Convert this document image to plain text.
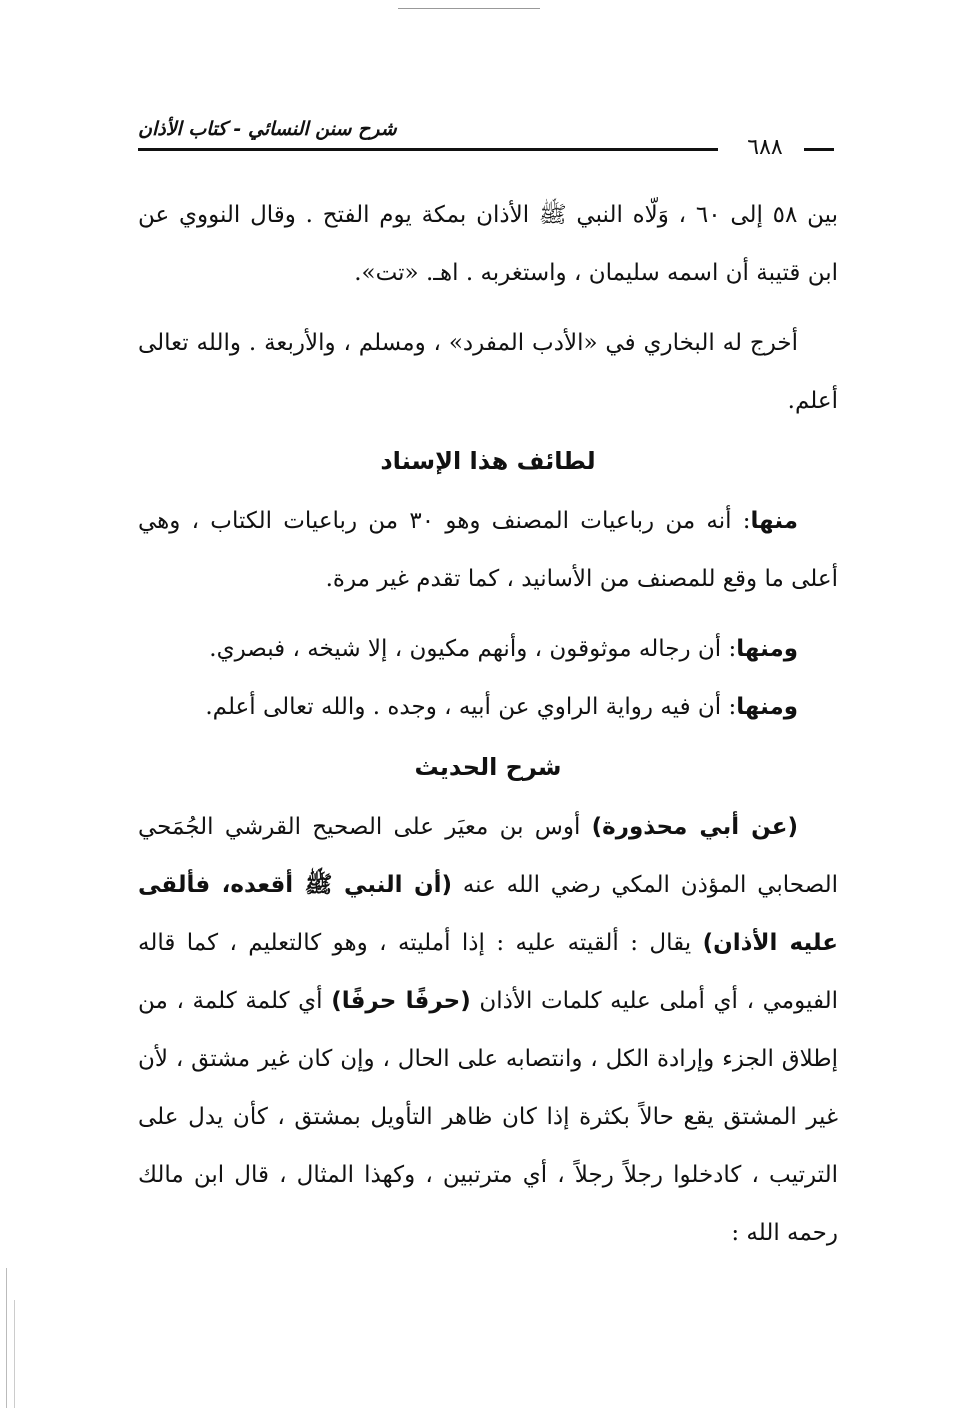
شرح سنن النسائي - كتاب الأذان
٦٨٨

بين ٥٨ إلى ٦٠ ، وَلّاه النبي ﷺ الأذان بمكة يوم الفتح . وقال النووي عن ابن قتيبة أن اسمه سليمان ، واستغربه . اهـ. «تت».

أخرج له البخاري في «الأدب المفرد» ، ومسلم ، والأربعة . والله تعالى أعلم.

لطائف هذا الإسناد

منها: أنه من رباعيات المصنف وهو ٣٠ من رباعيات الكتاب ، وهي أعلى ما وقع للمصنف من الأسانيد ، كما تقدم غير مرة.

ومنها: أن رجاله موثوقون ، وأنهم مكيون ، إلا شيخه ، فبصري.

ومنها: أن فيه رواية الراوي عن أبيه ، وجده . والله تعالى أعلم.

شرح الحديث

(عن أبي محذورة) أوس بن معيَر على الصحيح القرشي الجُمَحي الصحابي المؤذن المكي رضي الله عنه (أن النبي ﷺ أقعده، فألقى عليه الأذان) يقال : ألقيته عليه : إذا أمليته ، وهو كالتعليم ، كما قاله الفيومي ، أي أملى عليه كلمات الأذان (حرفًا حرفًا) أي كلمة كلمة ، من إطلاق الجزء وإرادة الكل ، وانتصابه على الحال ، وإن كان غير مشتق ، لأن غير المشتق يقع حالاً بكثرة إذا كان ظاهر التأويل بمشتق ، كأن يدل على الترتيب ، كادخلوا رجلاً رجلاً ، أي مترتبين ، وكهذا المثال ، قال ابن مالك رحمه الله :
